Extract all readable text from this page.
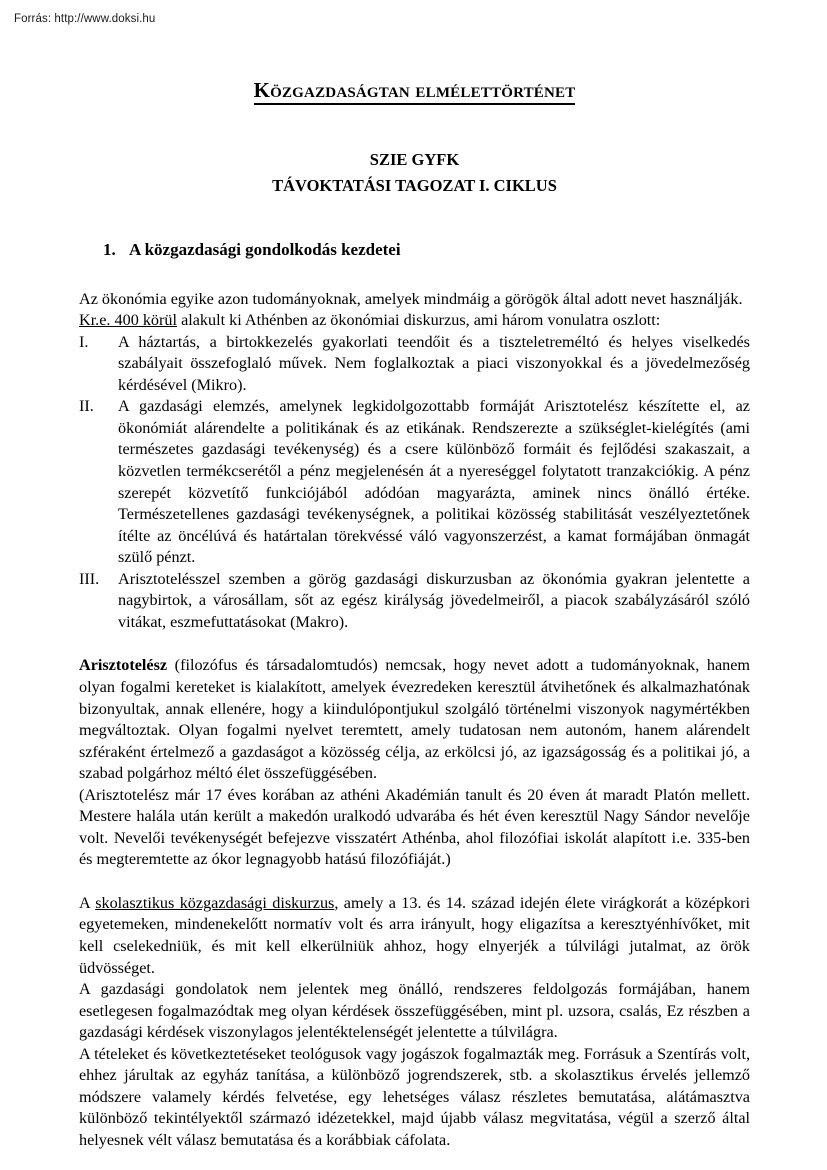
Forrás: http://www.doksi.hu
Közgazdaságtan elmélettörténet
SZIE GYFK
TÁVOKTATÁSI TAGOZAT I. CIKLUS
1. A közgazdasági gondolkodás kezdetei

Az ökonómia egyike azon tudományoknak, amelyek mindmáig a görögök által adott nevet használják.

Kr.e. 400 körül alakult ki Athénben az ökonómiai diskurzus, ami három vonulatra oszlott:

I.	A háztartás, a birtokkezelés gyakorlati teendőit és a tiszteletreméltó és helyes viselkedés szabályait összefoglaló művek. Nem foglalkoztak a piaci viszonyokkal és a jövedelmezőség kérdésével (Mikro).
II.	A gazdasági elemzés, amelynek legkidolgozottabb formáját Arisztotelész készítette el, az ökonómiát alárendelte a politikának és az etikának. Rendszerezte a szükséglet-kielégítés (ami természetes gazdasági tevékenység) és a csere különböző formáit és fejlődési szakaszait, a közvetlen termékcserétől a pénz megjelenésén át a nyereséggel folytatott tranzakciókig. A pénz szerepét közvetítő funkciójából adódóan magyarázta, aminek nincs önálló értéke. Természetellenes gazdasági tevékenységnek, a politikai közösség stabilitását veszélyeztetőnek ítélte az öncélúvá és határtalan törekvéssé váló vagyonszerzést, a kamat formájában önmagát szülő pénzt.
III.	Arisztotelésszel szemben a görög gazdasági diskurzusban az ökonómia gyakran jelentette a nagybirtok, a városállam, sőt az egész királyság jövedelmeiről, a piacok szabályzásáról szóló vitákat, eszmefuttatásokat (Makro).

Arisztotelész (filozófus és társadalomtudós) nemcsak, hogy nevet adott a tudományoknak, hanem olyan fogalmi kereteket is kialakított, amelyek évezredeken keresztül átvihetőnek és alkalmazhatónak bizonyultak, annak ellenére, hogy a kiindulópontjukul szolgáló történelmi viszonyok nagymértékben megváltoztak. Olyan fogalmi nyelvet teremtett, amely tudatosan nem autonóm, hanem alárendelt szféraként értelmező a gazdaságot a közösség célja, az erkölcsi jó, az igazságosság és a politikai jó, a szabad polgárhoz méltó élet összefüggésében.

(Arisztotelész már 17 éves korában az athéni Akadémián tanult és 20 éven át maradt Platón mellett. Mestere halála után került a makedón uralkodó udvarába és hét éven keresztül Nagy Sándor nevelője volt. Nevelői tevékenységét befejezve visszatért Athénba, ahol filozófiai iskolát alapított i.e. 335-ben és megteremtette az ókor legnagyobb hatású filozófiáját.)

A skolasztikus közgazdasági diskurzus, amely a 13. és 14. század idején élete virágkorát a középkori egyetemeken, mindenekelőtt normatív volt és arra irányult, hogy eligazítsa a keresztyénhívőket, mit kell cselekedniük, és mit kell elkerülniük ahhoz, hogy elnyerjék a túlvilági jutalmat, az örök üdvösséget.

A gazdasági gondolatok nem jelentek meg önálló, rendszeres feldolgozás formájában, hanem esetlegesen fogalmazódtak meg olyan kérdések összefüggésében, mint pl. uzsora, csalás, Ez részben a gazdasági kérdések viszonylagos jelentéktelenségét jelentette a túlvilágra.

A tételeket és következtetéseket teológusok vagy jogászok fogalmazták meg. Forrásuk a Szentírás volt, ehhez járultak az egyház tanítása, a különböző jogrendszerek, stb. a skolasztikus érvelés jellemző módszere valamely kérdés felvetése, egy lehetséges válasz részletes bemutatása, alátámasztva különböző tekintélyektől származó idézetekkel, majd újabb válasz megvitatása, végül a szerző által helyesnek vélt válasz bemutatása és a korábbiak cáfolata.
